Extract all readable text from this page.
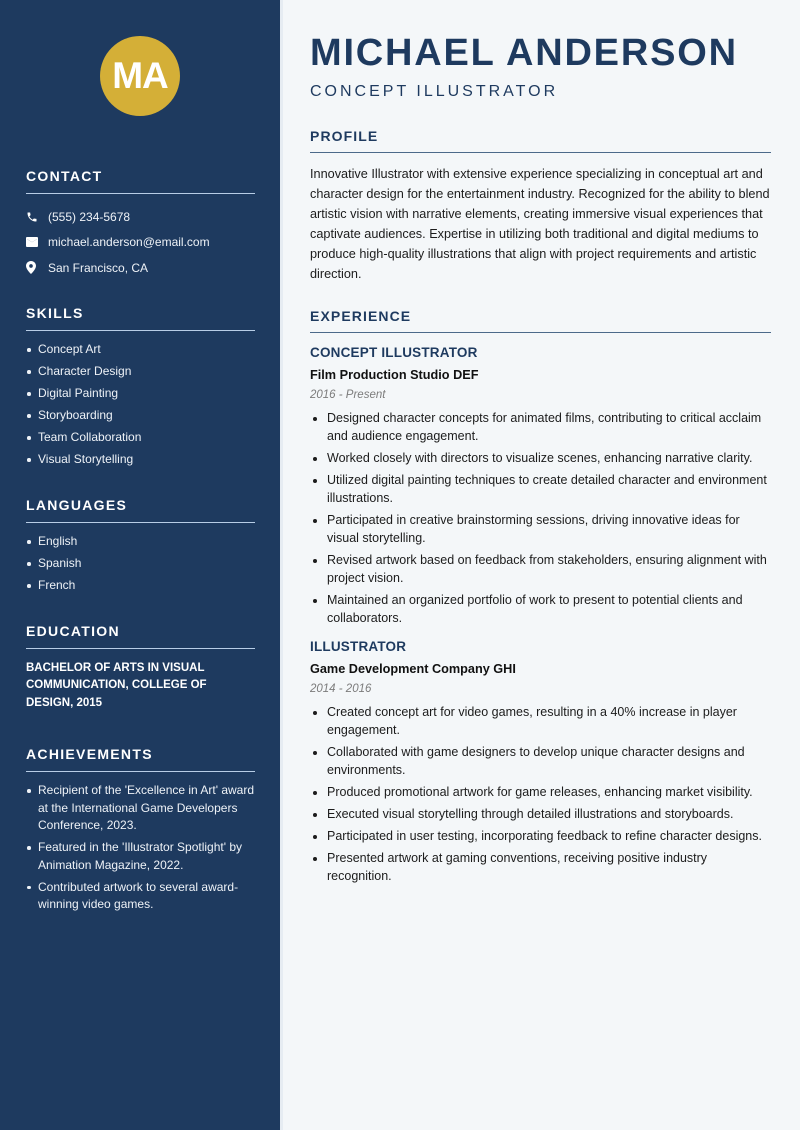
MA
CONTACT
(555) 234-5678
michael.anderson@email.com
San Francisco, CA
SKILLS
Concept Art
Character Design
Digital Painting
Storyboarding
Team Collaboration
Visual Storytelling
LANGUAGES
English
Spanish
French
EDUCATION

BACHELOR OF ARTS IN VISUAL COMMUNICATION, COLLEGE OF DESIGN, 2015

ACHIEVEMENTS
Recipient of the 'Excellence in Art' award at the International Game Developers Conference, 2023.
Featured in the 'Illustrator Spotlight' by Animation Magazine, 2022.
Contributed artwork to several award-winning video games.
MICHAEL ANDERSON
CONCEPT ILLUSTRATOR
PROFILE

Innovative Illustrator with extensive experience specializing in conceptual art and character design for the entertainment industry. Recognized for the ability to blend artistic vision with narrative elements, creating immersive visual experiences that captivate audiences. Expertise in utilizing both traditional and digital mediums to produce high-quality illustrations that align with project requirements and artistic direction.

EXPERIENCE
CONCEPT ILLUSTRATOR
Film Production Studio DEF
2016 - Present
Designed character concepts for animated films, contributing to critical acclaim and audience engagement.
Worked closely with directors to visualize scenes, enhancing narrative clarity.
Utilized digital painting techniques to create detailed character and environment illustrations.
Participated in creative brainstorming sessions, driving innovative ideas for visual storytelling.
Revised artwork based on feedback from stakeholders, ensuring alignment with project vision.
Maintained an organized portfolio of work to present to potential clients and collaborators.
ILLUSTRATOR
Game Development Company GHI
2014 - 2016
Created concept art for video games, resulting in a 40% increase in player engagement.
Collaborated with game designers to develop unique character designs and environments.
Produced promotional artwork for game releases, enhancing market visibility.
Executed visual storytelling through detailed illustrations and storyboards.
Participated in user testing, incorporating feedback to refine character designs.
Presented artwork at gaming conventions, receiving positive industry recognition.
